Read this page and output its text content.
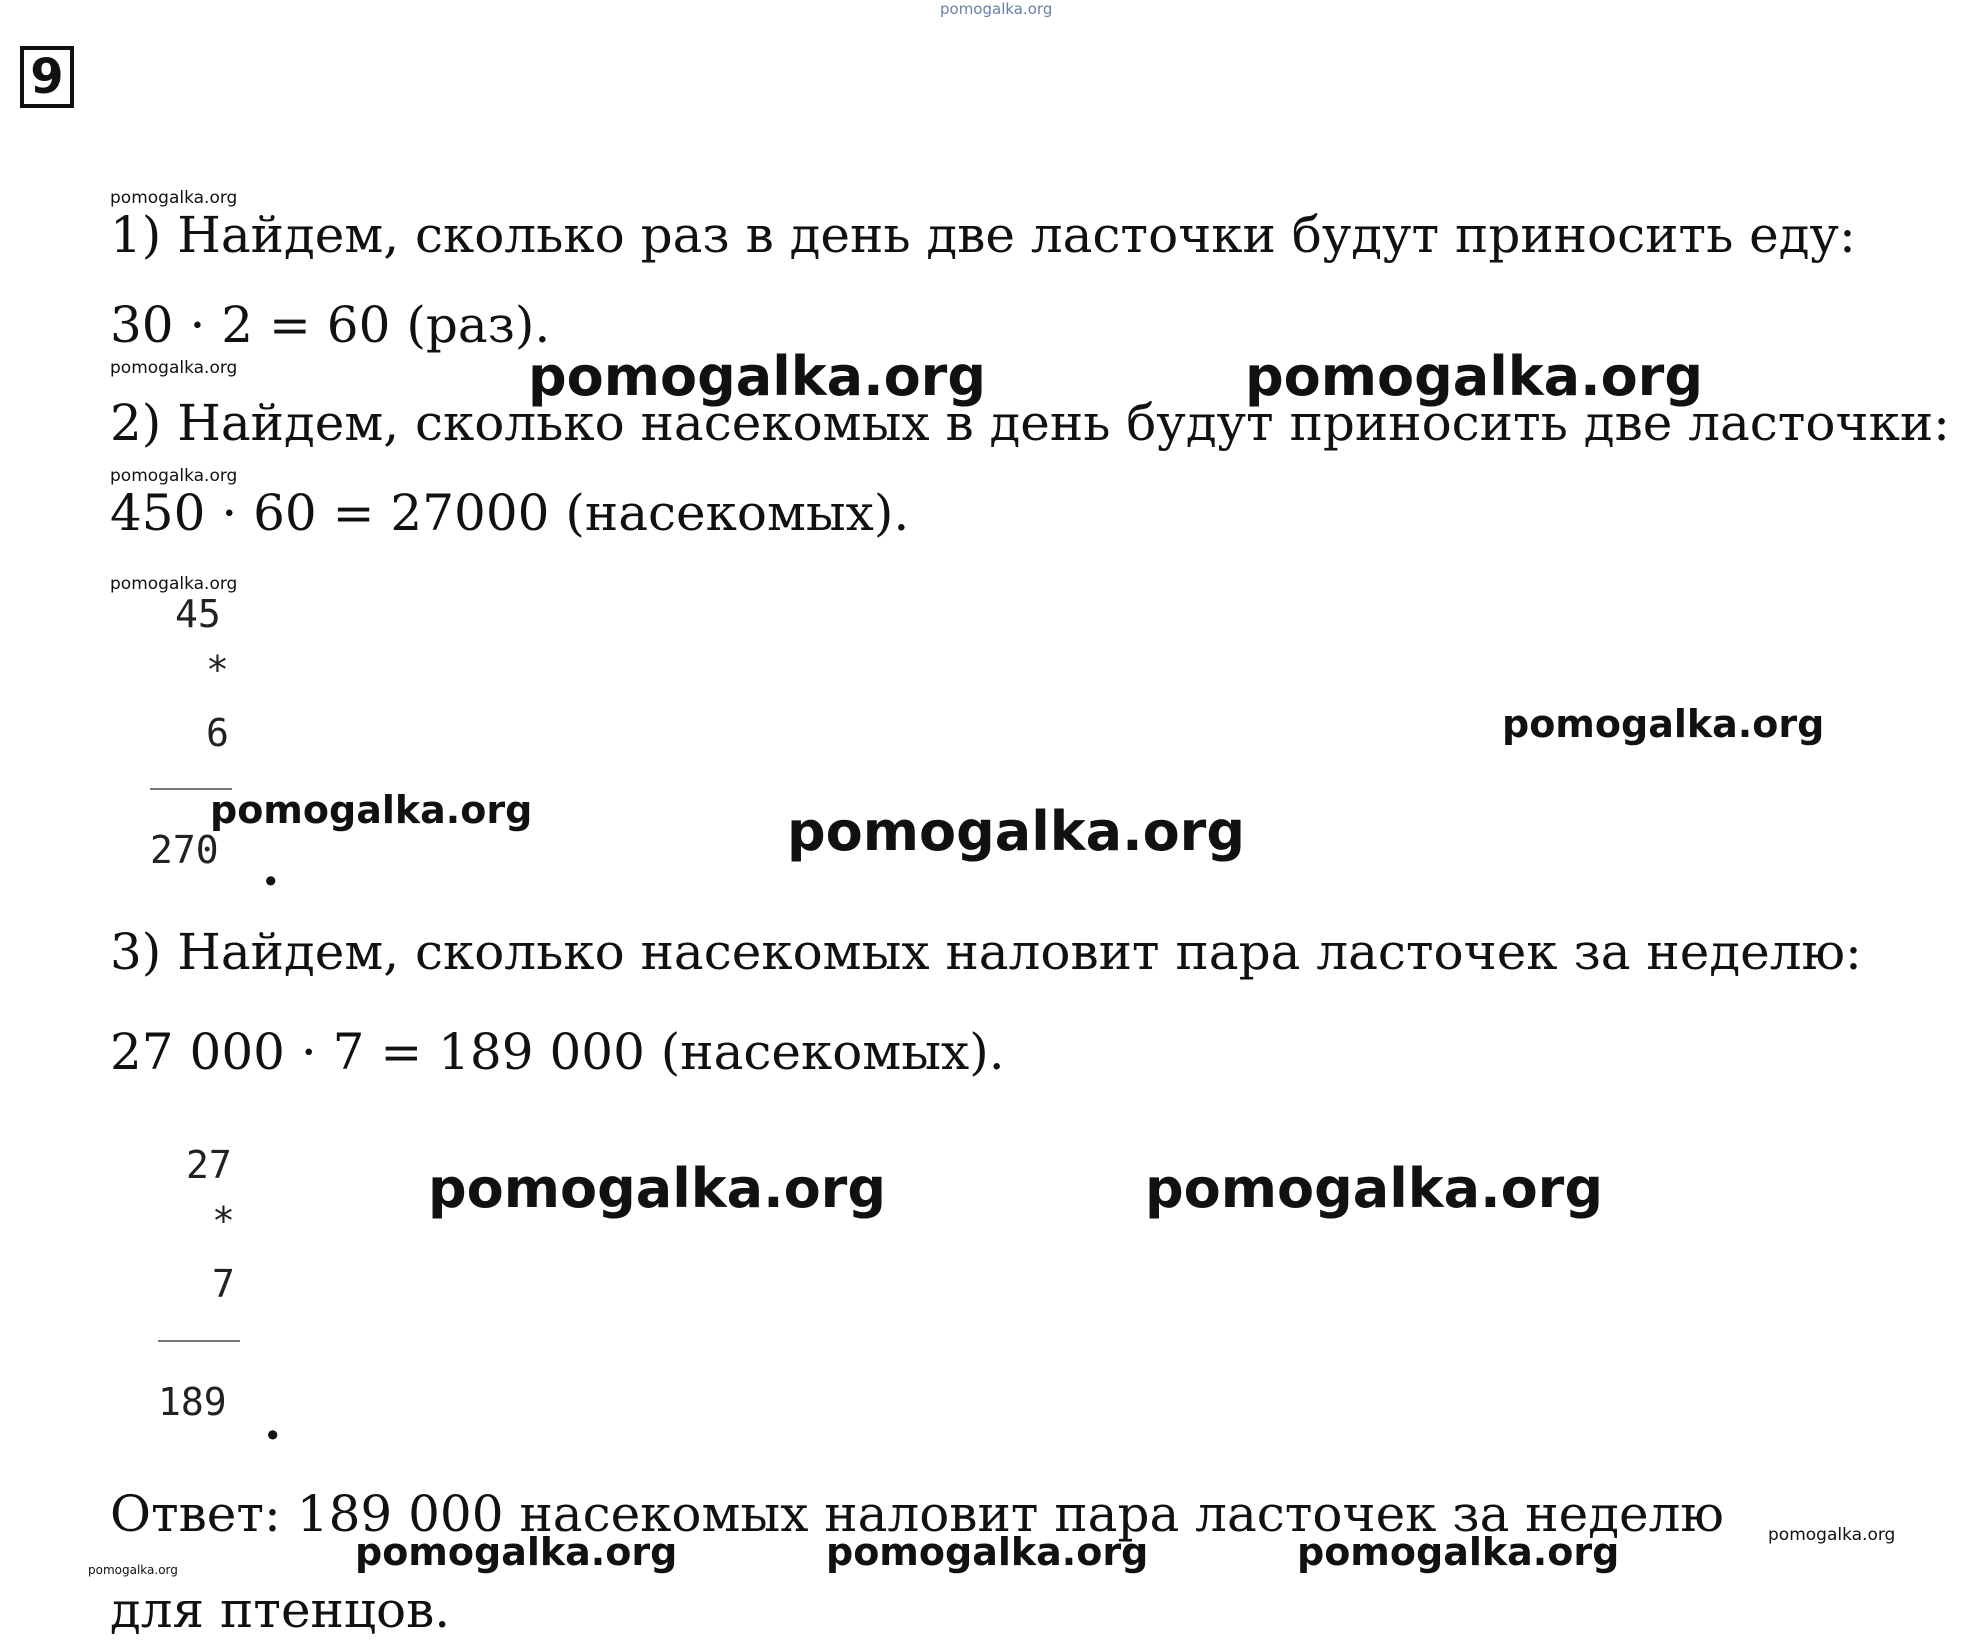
pomogalka.org
9
pomogalka.org
1) Найдем, сколько раз в день две ласточки будут приносить еду:
30 · 2 = 60 (раз).
pomogalka.org	pomogalka.org	pomogalka.org
2) Найдем, сколько насекомых в день будут приносить две ласточки:
pomogalka.org
450 · 60 = 27000 (насекомых).
pomogalka.org
45
*
6
270 .
pomogalka.org	pomogalka.org
pomogalka.org
3) Найдем, сколько насекомых наловит пара ласточек за неделю:
27 000 · 7 = 189 000 (насекомых).
27
*
7
189 .
pomogalka.org	pomogalka.org
Ответ: 189 000 насекомых наловит пара ласточек за неделю
pomogalka.org	pomogalka.org	pomogalka.org	pomogalka.org
pomogalka.org
для птенцов.
